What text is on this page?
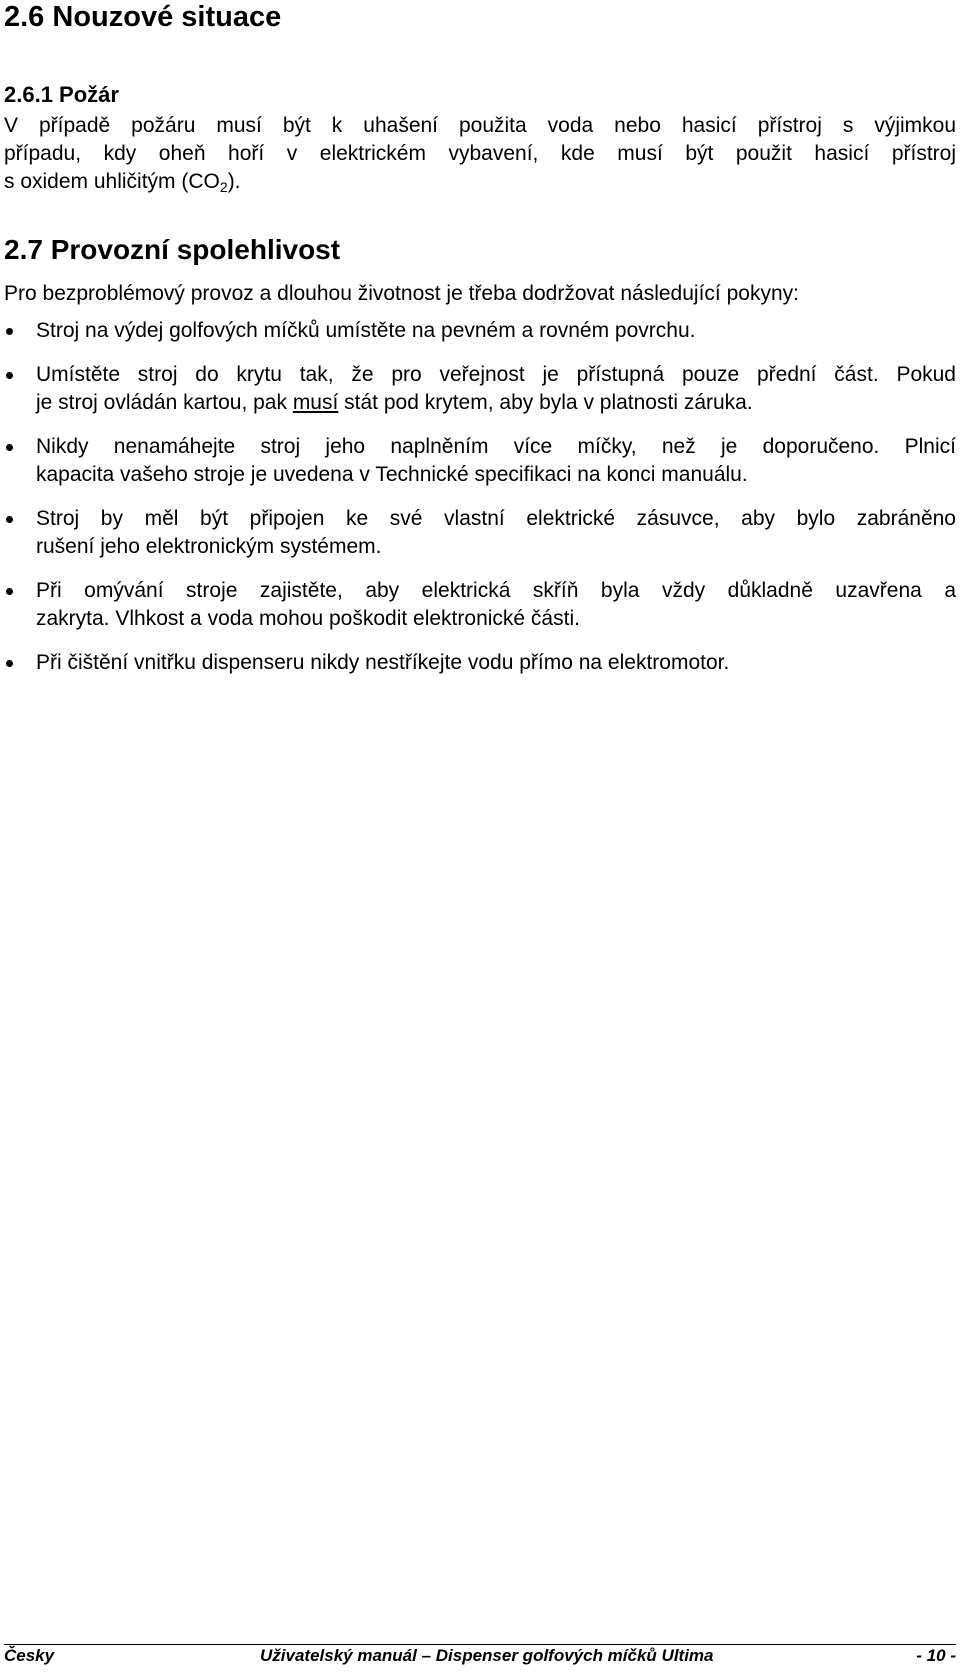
2.6 Nouzové situace
2.6.1 Požár
V případě požáru musí být k uhašení použita voda nebo hasicí přístroj s výjimkou
případu, kdy oheň hoří v elektrickém vybavení, kde musí být použit hasicí přístroj
s oxidem uhličitým $(CO_2)$.
2.7 Provozní spolehlivost
Pro bezproblémový provoz a dlouhou životnost je třeba dodržovat následující pokyny:
Stroj na výdej golfových míčků umístěte na pevném a rovném povrchu.
Umístěte stroj do krytu tak, že pro veřejnost je přístupná pouze přední část. Pokud
je stroj ovládán kartou, pak musí stát pod krytem, aby byla v platnosti záruka.
Nikdy nenamáhejte stroj jeho naplněním více míčky, než je doporučeno. Plnicí
kapacita vašeho stroje je uvedena v Technické specifikaci na konci manuálu.
Stroj by měl být připojen ke své vlastní elektrické zásuvce, aby bylo zabráněno
rušení jeho elektronickým systémem.
Při omývání stroje zajistěte, aby elektrická skříň byla vždy důkladně uzavřena a
zakryta. Vlhkost a voda mohou poškodit elektronické části.
Při čištění vnitřku dispenseru nikdy nestříkejte vodu přímo na elektromotor.
Česky	Uživatelský manuál – Dispenser golfových míčků Ultima	- 10 -
